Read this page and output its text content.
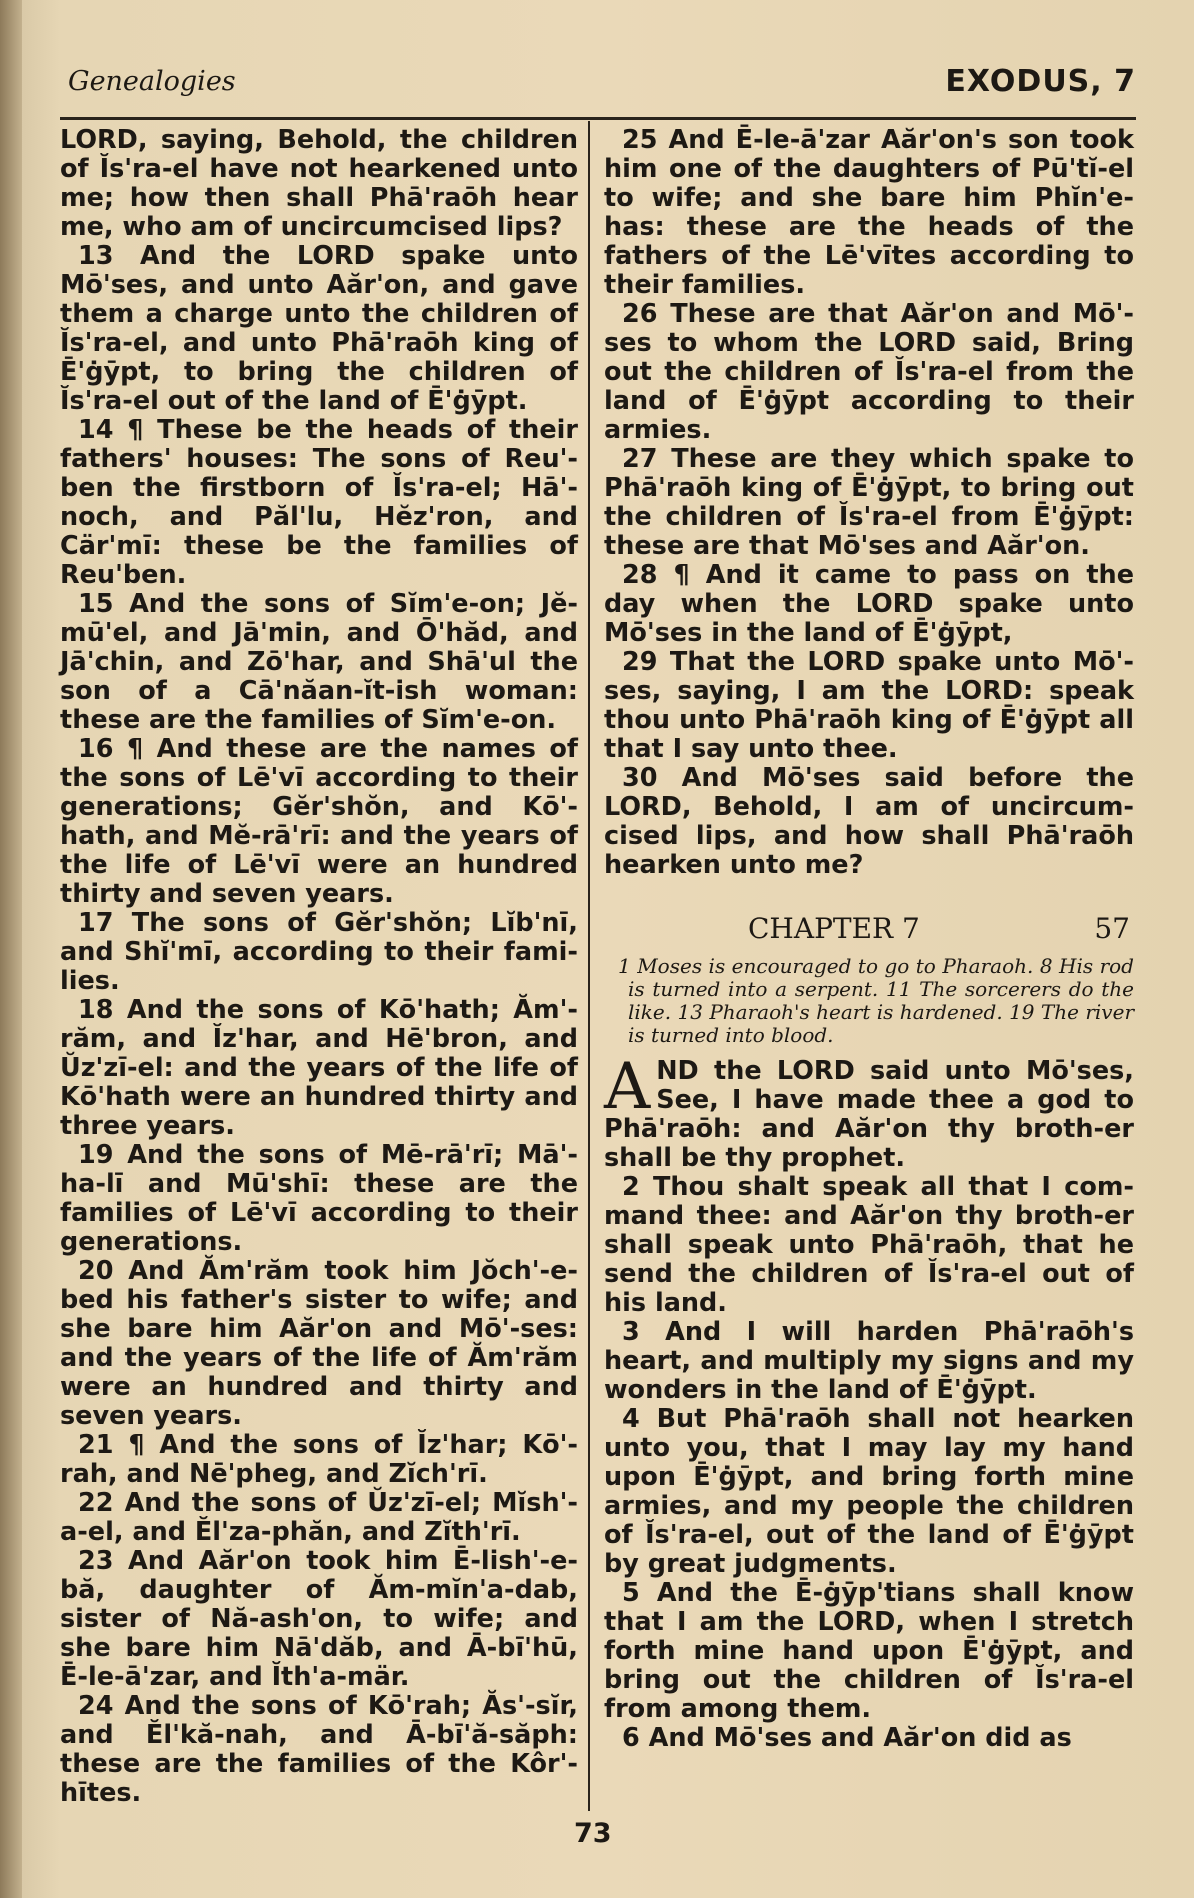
Genealogies	EXODUS, 7

LORD, saying, Behold, the children of Ĭs'ra-el have not hearkened unto me; how then shall Phā'raōh hear me, who am of uncircumcised lips?

13 And the LORD spake unto Mō'ses, and unto Aăr'on, and gave them a charge unto the children of Ĭs'ra-el, and unto Phā'raōh king of Ē'ġȳpt, to bring the children of Ĭs'ra-el out of the land of Ē'ġȳpt.

14 ¶ These be the heads of their fathers' houses: The sons of Reu'-ben the firstborn of Ĭs'ra-el; Hā'-noch, and Păl'lu, Hĕz'ron, and Cär'mī: these be the families of Reu'ben.

15 And the sons of Sĭm'e-on; Jĕ-mū'el, and Jā'min, and Ō'hăd, and Jā'chin, and Zō'har, and Shā'ul the son of a Cā'năan-ĭt-ish woman: these are the families of Sĭm'e-on.

16 ¶ And these are the names of the sons of Lē'vī according to their generations; Gĕr'shŏn, and Kō'-hath, and Mĕ-rā'rī: and the years of the life of Lē'vī were an hundred thirty and seven years.

17 The sons of Gĕr'shŏn; Lĭb'nī, and Shĭ'mī, according to their fami-lies.

18 And the sons of Kō'hath; Ăm'-răm, and Ĭz'har, and Hē'bron, and Ŭz'zī-el: and the years of the life of Kō'hath were an hundred thirty and three years.

19 And the sons of Mē-rā'rī; Mā'-ha-lī and Mū'shī: these are the families of Lē'vī according to their generations.

20 And Ăm'răm took him Jŏch'-e-bed his father's sister to wife; and she bare him Aăr'on and Mō'-ses: and the years of the life of Ăm'răm were an hundred and thirty and seven years.

21 ¶ And the sons of Ĭz'har; Kō'-rah, and Nē'pheg, and Zĭch'rī.

22 And the sons of Ŭz'zī-el; Mĭsh'-a-el, and Ĕl'za-phăn, and Zĭth'rī.

23 And Aăr'on took him Ē-lish'-e-bă, daughter of Ăm-mĭn'a-dab, sister of Nă-ash'on, to wife; and she bare him Nā'dăb, and Ā-bī'hū, Ē-le-ā'zar, and Ĭth'a-mär.

24 And the sons of Kō'rah; Ăs'-sĭr, and Ĕl'kă-nah, and Ā-bī'ă-săph: these are the families of the Kôr'-hītes.

25 And Ē-le-ā'zar Aăr'on's son took him one of the daughters of Pū'tĭ-el to wife; and she bare him Phĭn'e-has: these are the heads of the fathers of the Lē'vītes according to their families.

26 These are that Aăr'on and Mō'-ses to whom the LORD said, Bring out the children of Ĭs'ra-el from the land of Ē'ġȳpt according to their armies.

27 These are they which spake to Phā'raōh king of Ē'ġȳpt, to bring out the children of Ĭs'ra-el from Ē'ġȳpt: these are that Mō'ses and Aăr'on.

28 ¶ And it came to pass on the day when the LORD spake unto Mō'ses in the land of Ē'ġȳpt,

29 That the LORD spake unto Mō'-ses, saying, I am the LORD: speak thou unto Phā'raōh king of Ē'ġȳpt all that I say unto thee.

30 And Mō'ses said before the LORD, Behold, I am of uncircum-cised lips, and how shall Phā'raōh hearken unto me?

CHAPTER 7	57

1 Moses is encouraged to go to Pharaoh. 8 His rod is turned into a serpent. 11 The sorcerers do the like. 13 Pharaoh's heart is hardened. 19 The river is turned into blood.

AND the LORD said unto Mō'ses, See, I have made thee a god to Phā'raōh: and Aăr'on thy broth-er shall be thy prophet.

2 Thou shalt speak all that I com-mand thee: and Aăr'on thy broth-er shall speak unto Phā'raōh, that he send the children of Ĭs'ra-el out of his land.

3 And I will harden Phā'raōh's heart, and multiply my signs and my wonders in the land of Ē'ġȳpt.

4 But Phā'raōh shall not hearken unto you, that I may lay my hand upon Ē'ġȳpt, and bring forth mine armies, and my people the children of Ĭs'ra-el, out of the land of Ē'ġȳpt by great judgments.

5 And the Ē-ġȳp'tians shall know that I am the LORD, when I stretch forth mine hand upon Ē'ġȳpt, and bring out the children of Ĭs'ra-el from among them.

6 And Mō'ses and Aăr'on did as

73
